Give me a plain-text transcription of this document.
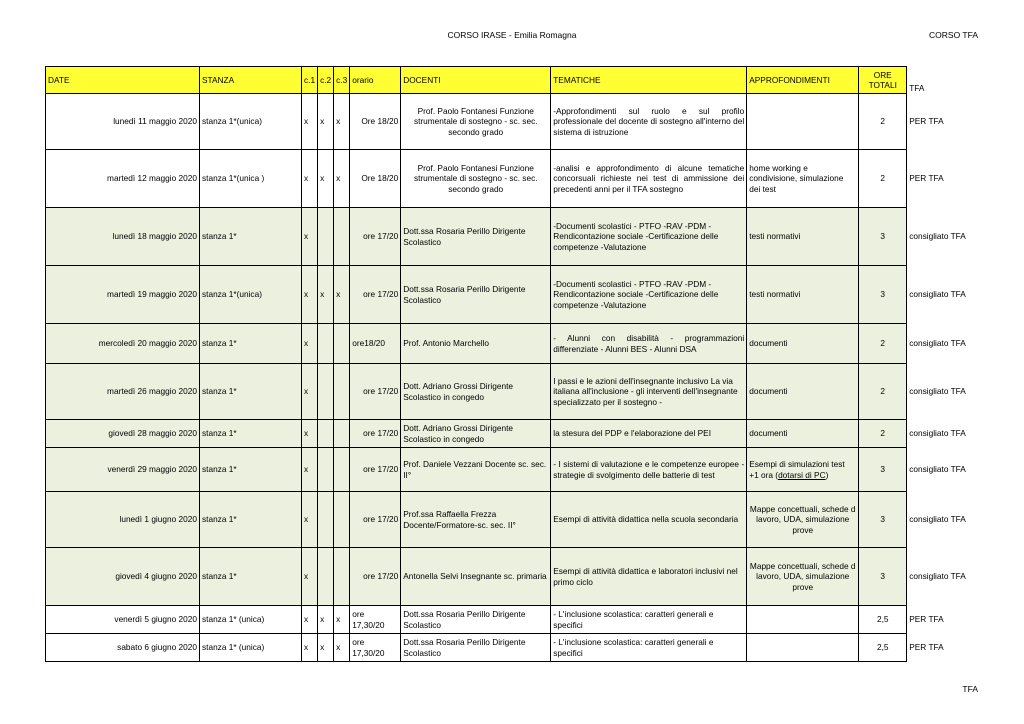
CORSO IRASE - Emilia Romagna	CORSO TFA
DATE	STANZA	c.1	c.2	c.3	orario	DOCENTI	TEMATICHE	APPROFONDIMENTI	ORE TOTALI	TFA
lunedì 11 maggio 2020	stanza 1*(unica)	x	x	x	Ore 18/20	Prof. Paolo Fontanesi Funzione strumentale di sostegno - sc. sec. secondo grado	-Approfondimenti sul ruolo e sul profilo professionale del docente di sostegno all'interno del sistema di istruzione		2	PER TFA
martedì 12 maggio 2020	stanza 1*(unica )	x	x	x	Ore 18/20	Prof. Paolo Fontanesi Funzione strumentale di sostegno - sc. sec. secondo grado	-analisi e approfondimento di alcune tematiche concorsuali richieste nei test di ammissione dei precedenti anni per il TFA sostegno	home working e condivisione, simulazione dei test	2	PER TFA
lunedì 18 maggio 2020	stanza 1*	x			ore 17/20	Dott.ssa Rosaria Perillo Dirigente Scolastico	-Documenti scolastici - PTFO -RAV -PDM -Rendicontazione sociale -Certificazione delle competenze -Valutazione	testi normativi	3	consigliato TFA
martedì 19 maggio 2020	stanza 1*(unica)	x	x	x	ore 17/20	Dott.ssa Rosaria Perillo Dirigente Scolastico	-Documenti scolastici - PTFO -RAV -PDM -Rendicontazione sociale -Certificazione delle competenze -Valutazione	testi normativi	3	consigliato TFA
mercoledì 20 maggio 2020	stanza 1*	x			ore18/20	Prof. Antonio Marchello	- Alunni con disabilità - programmazioni differenziate - Alunni BES - Alunni DSA	documenti	2	consigliato TFA
martedì 26 maggio 2020	stanza 1*	x			ore 17/20	Dott. Adriano Grossi Dirigente Scolastico in congedo	I passi e le azioni dell'insegnante inclusivo La via italiana all'inclusione - gli interventi dell'insegnante specializzato per il sostegno -	documenti	2	consigliato TFA
giovedì 28 maggio 2020	stanza 1*	x			ore 17/20	Dott. Adriano Grossi Dirigente Scolastico in congedo	la stesura del PDP e l'elaborazione del PEI	documenti	2	consigliato TFA
venerdì 29 maggio 2020	stanza 1*	x			ore 17/20	Prof. Daniele Vezzani Docente sc. sec. II°	- I sistemi di valutazione e le competenze europee - strategie di svolgimento delle batterie di test	Esempi di simulazioni test +1 ora (dotarsi di PC)	3	consigliato TFA
lunedì 1 giugno 2020	stanza 1*	x			ore 17/20	Prof.ssa Raffaella Frezza Docente/Formatore-sc. sec. II°	Esempi di attività didattica nella scuola secondaria	Mappe concettuali, schede d lavoro, UDA, simulazione prove	3	consigliato TFA
giovedì 4 giugno 2020	stanza 1*	x			ore 17/20	Antonella Selvi Insegnante sc. primaria	Esempi di attività didattica e laboratori inclusivi nel primo ciclo	Mappe concettuali, schede d lavoro, UDA, simulazione prove	3	consigliato TFA
venerdì 5 giugno 2020	stanza 1* (unica)	x	x	x	ore 17,30/20	Dott.ssa Rosaria Perillo Dirigente Scolastico	- L'inclusione scolastica: caratteri generali e specifici		2,5	PER TFA
sabato 6 giugno 2020	stanza 1* (unica)	x	x	x	ore 17,30/20	Dott.ssa Rosaria Perillo Dirigente Scolastico	- L'inclusione scolastica: caratteri generali e specifici		2,5	PER TFA
TFA
